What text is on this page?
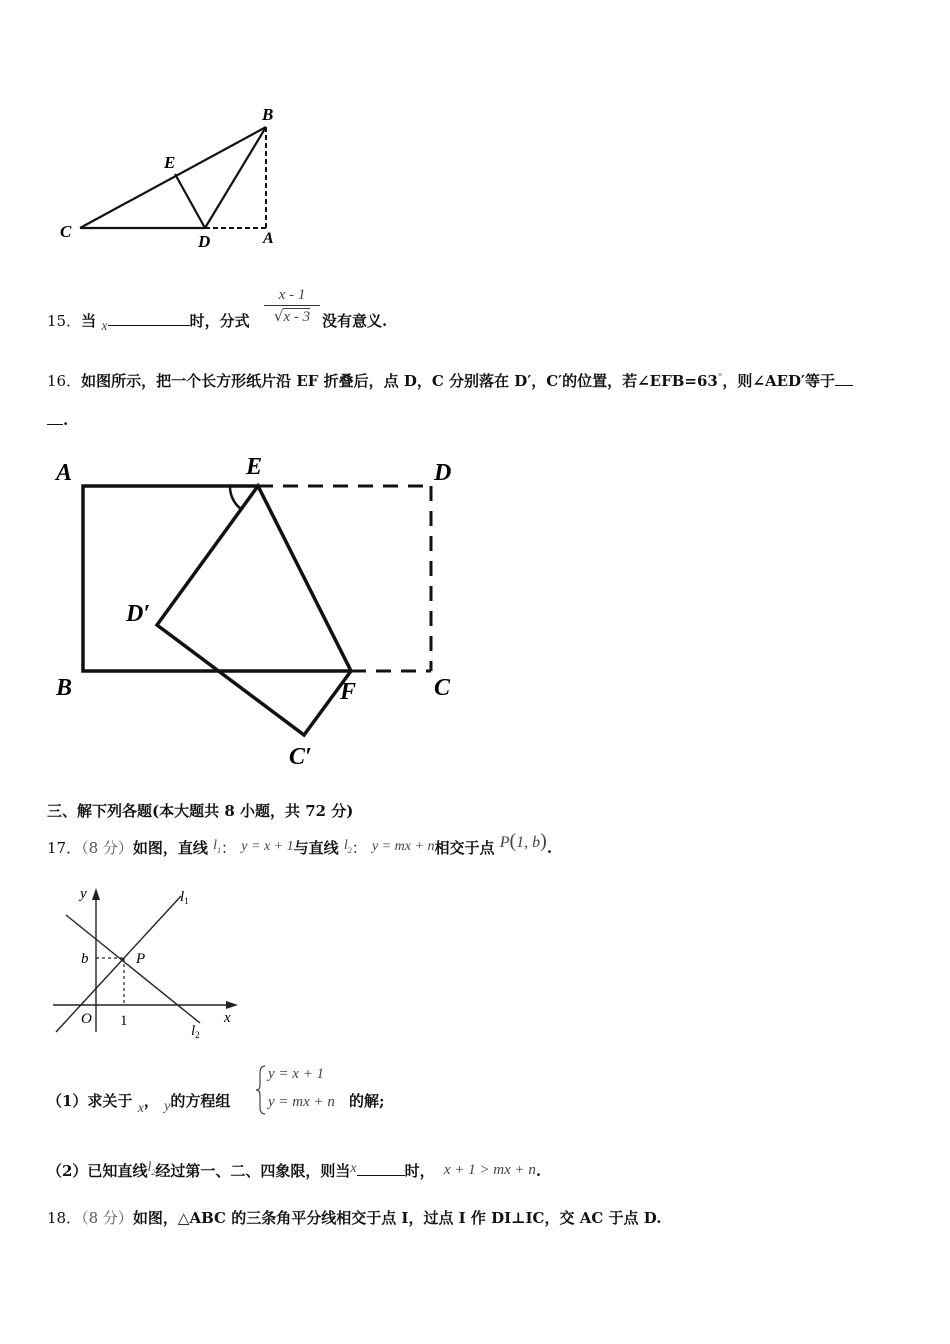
B
E
C
D	A
15．当 x	时，分式
x - 1
√x - 3 没有意义.
16．如图所示，把一个长方形纸片沿 EF 折叠后，点 D，C 分别落在 D′，C′的位置，若∠EFB=63°，则∠AED′等于
.
A	E	D
D′
B	F	C
C′
三、解下列各题(本大题共 8 小题，共 72 分)
17．（8 分）如图，直线 $l_1$： y = x + 1与直线 $l_2$： y = mx + n相交于点 P(1, b).
y	$l_1$
b	P
O 1
$l_2$
x
（1）求关于 x， y的方程组
y = x + 1
y = mx + n 的解;
（2）已知直线$l_2$经过第一、二、四象限，则当x	时， x + 1 > mx + n.
18．（8 分）如图，△ABC 的三条角平分线相交于点 I，过点 I 作 DI⊥IC，交 AC 于点 D.
